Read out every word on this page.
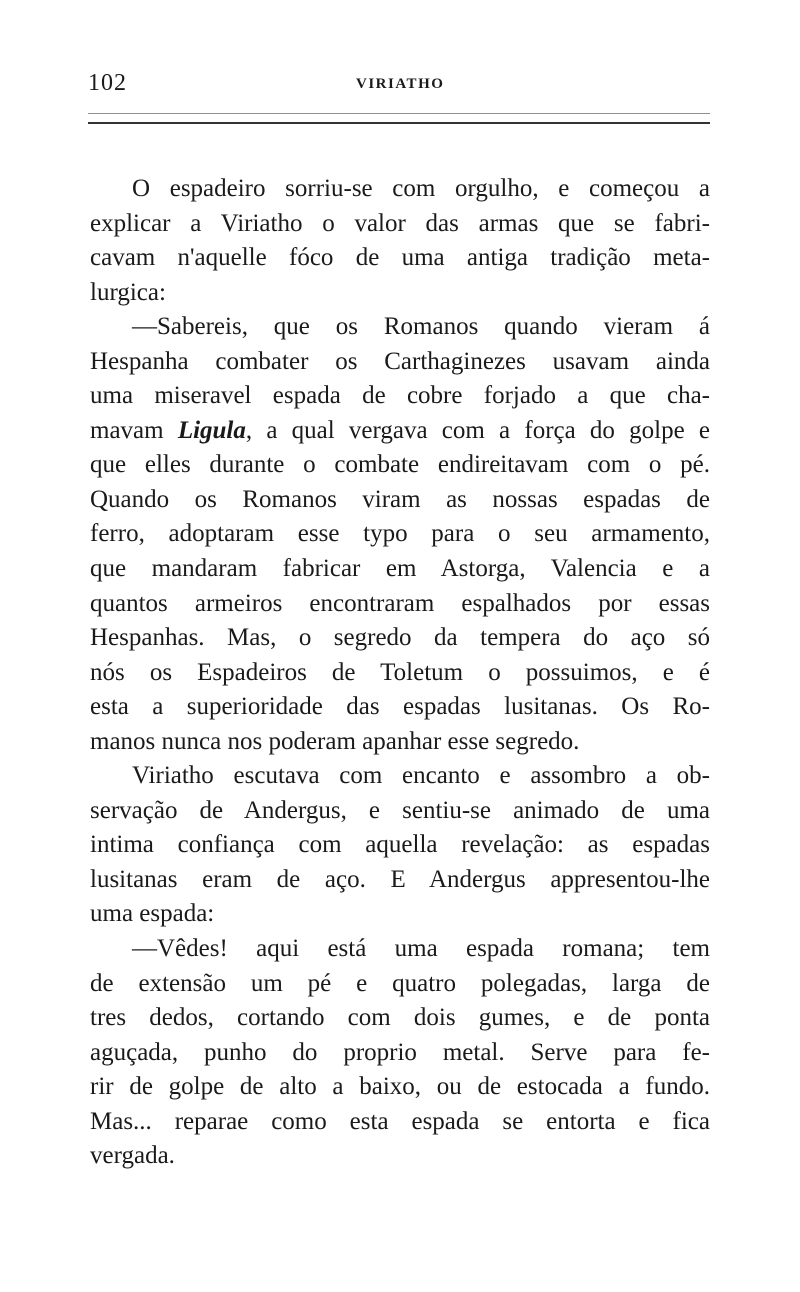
102	VIRIATHO
O espadeiro sorriu-se com orgulho, e começou a
explicar a Viriatho o valor das armas que se fabri-
cavam n'aquelle fóco de uma antiga tradição meta-
lurgica:
—Sabereis, que os Romanos quando vieram á
Hespanha combater os Carthaginezes usavam ainda
uma miseravel espada de cobre forjado a que cha-
mavam Ligula, a qual vergava com a força do golpe e
que elles durante o combate endireitavam com o pé.
Quando os Romanos viram as nossas espadas de
ferro, adoptaram esse typo para o seu armamento,
que mandaram fabricar em Astorga, Valencia e a
quantos armeiros encontraram espalhados por essas
Hespanhas. Mas, o segredo da tempera do aço só
nós os Espadeiros de Toletum o possuimos, e é
esta a superioridade das espadas lusitanas. Os Ro-
manos nunca nos poderam apanhar esse segredo.
Viriatho escutava com encanto e assombro a ob-
servação de Andergus, e sentiu-se animado de uma
intima confiança com aquella revelação: as espadas
lusitanas eram de aço. E Andergus appresentou-lhe
uma espada:
—Vêdes! aqui está uma espada romana; tem
de extensão um pé e quatro polegadas, larga de
tres dedos, cortando com dois gumes, e de ponta
aguçada, punho do proprio metal. Serve para fe-
rir de golpe de alto a baixo, ou de estocada a fundo.
Mas... reparae como esta espada se entorta e fica
vergada.
